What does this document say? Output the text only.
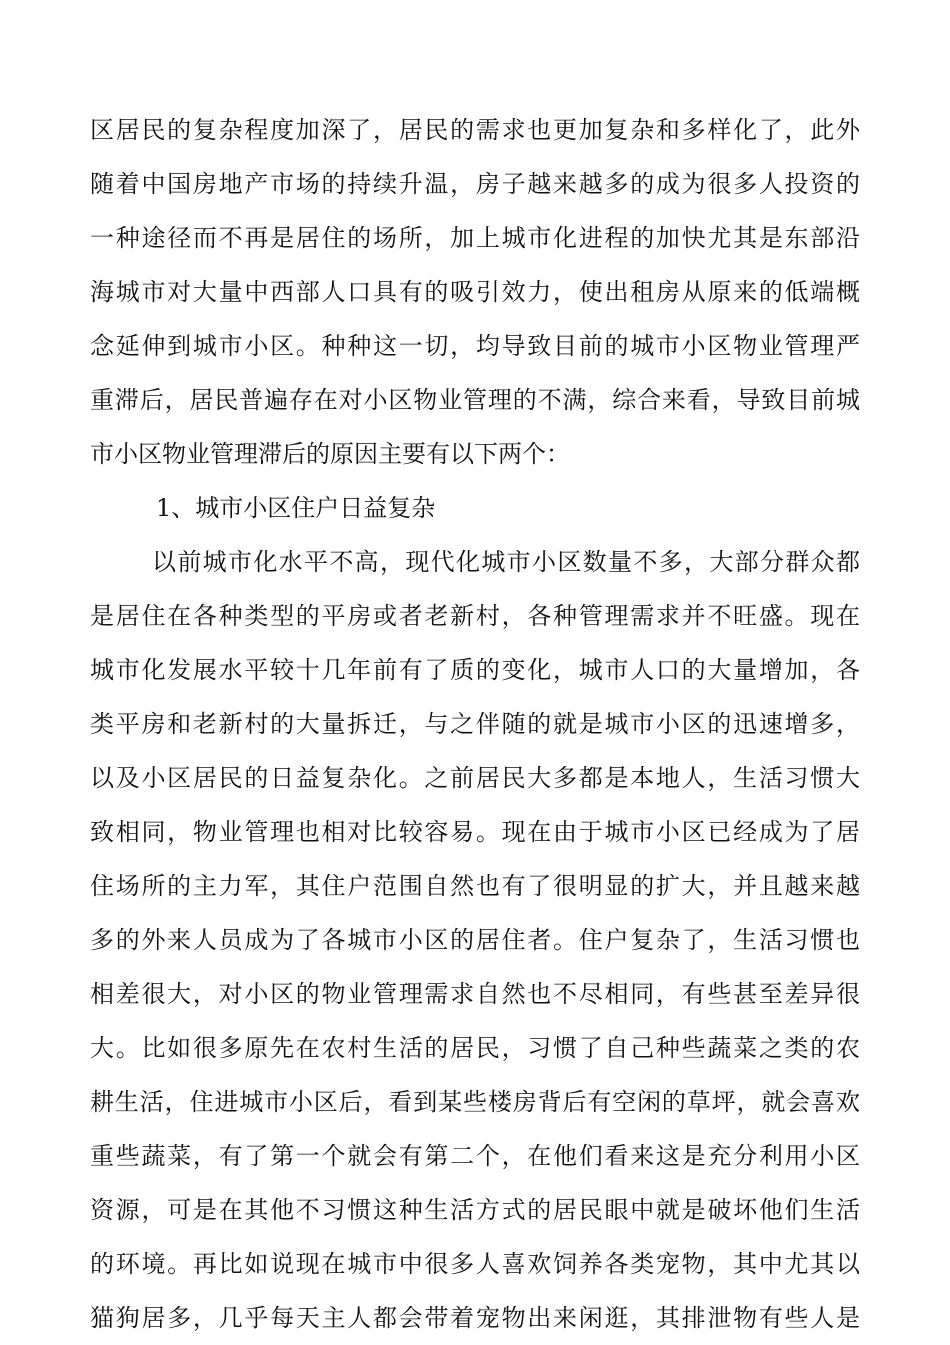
区居民的复杂程度加深了，居民的需求也更加复杂和多样化了，此外
随着中国房地产市场的持续升温，房子越来越多的成为很多人投资的
一种途径而不再是居住的场所，加上城市化进程的加快尤其是东部沿
海城市对大量中西部人口具有的吸引效力，使出租房从原来的低端概
念延伸到城市小区。种种这一切，均导致目前的城市小区物业管理严
重滞后，居民普遍存在对小区物业管理的不满，综合来看，导致目前城
市小区物业管理滞后的原因主要有以下两个：
1、城市小区住户日益复杂
以前城市化水平不高，现代化城市小区数量不多，大部分群众都
是居住在各种类型的平房或者老新村，各种管理需求并不旺盛。现在
城市化发展水平较十几年前有了质的变化，城市人口的大量增加，各
类平房和老新村的大量拆迁，与之伴随的就是城市小区的迅速增多，
以及小区居民的日益复杂化。之前居民大多都是本地人，生活习惯大
致相同，物业管理也相对比较容易。现在由于城市小区已经成为了居
住场所的主力军，其住户范围自然也有了很明显的扩大，并且越来越
多的外来人员成为了各城市小区的居住者。住户复杂了，生活习惯也
相差很大，对小区的物业管理需求自然也不尽相同，有些甚至差异很
大。比如很多原先在农村生活的居民，习惯了自己种些蔬菜之类的农
耕生活，住进城市小区后，看到某些楼房背后有空闲的草坪，就会喜欢
重些蔬菜，有了第一个就会有第二个，在他们看来这是充分利用小区
资源，可是在其他不习惯这种生活方式的居民眼中就是破坏他们生活
的环境。再比如说现在城市中很多人喜欢饲养各类宠物，其中尤其以
猫狗居多，几乎每天主人都会带着宠物出来闲逛，其排泄物有些人是
